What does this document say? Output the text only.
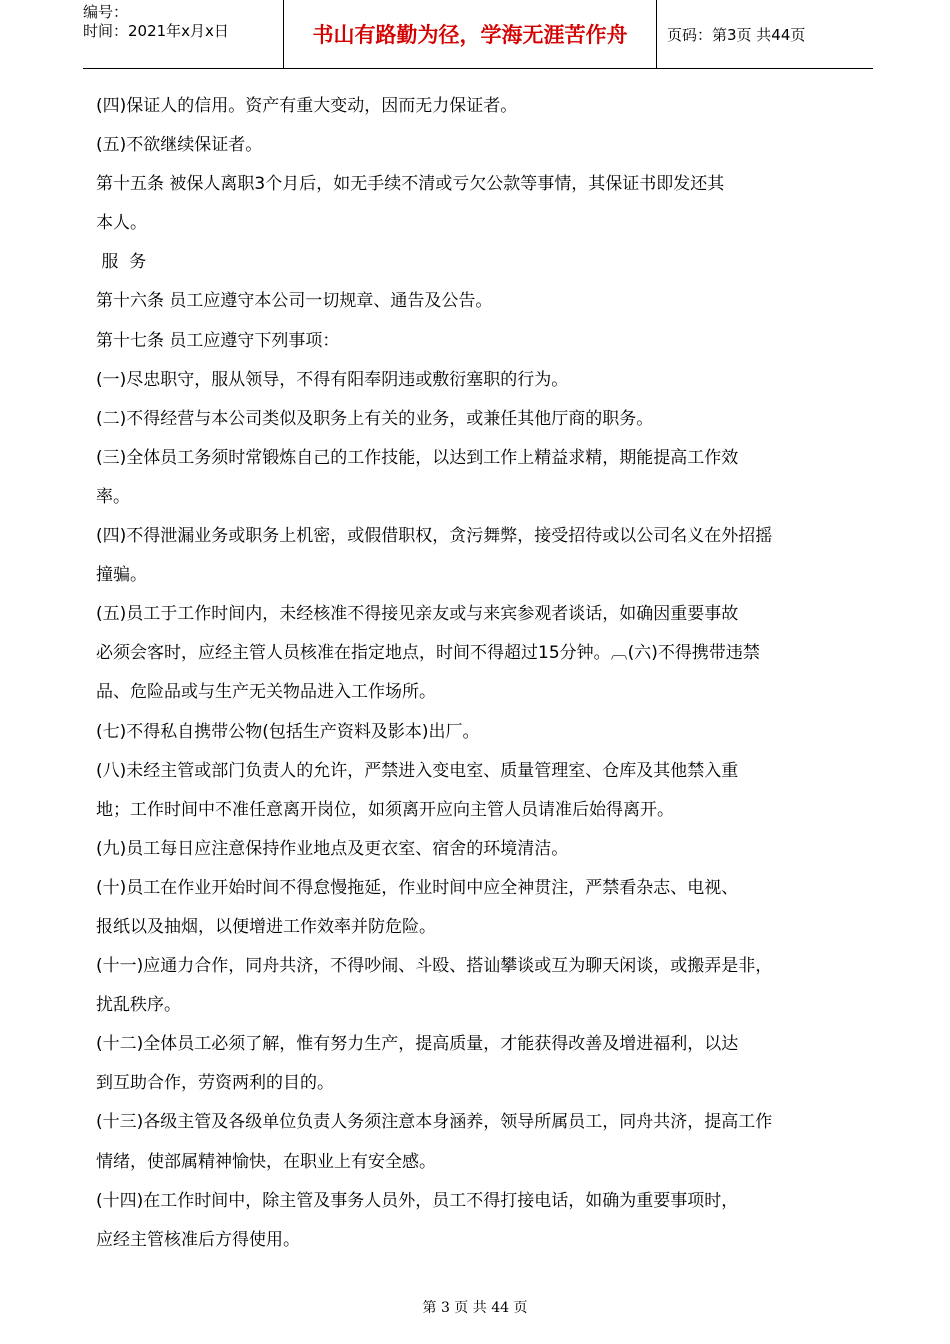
编号：
时间：2021年x月x日	书山有路勤为径，学海无涯苦作舟	页码：第3页 共44页

(四)保证人的信用。资产有重大变动，因而无力保证者。

(五)不欲继续保证者。

第十五条 被保人离职3个月后，如无手续不清或亏欠公款等事情，其保证书即发还其

本人。

服  务

第十六条 员工应遵守本公司一切规章、通告及公告。

第十七条 员工应遵守下列事项：

(一)尽忠职守，服从领导，不得有阳奉阴违或敷衍塞职的行为。

(二)不得经营与本公司类似及职务上有关的业务，或兼任其他厅商的职务。

(三)全体员工务须时常锻炼自己的工作技能，以达到工作上精益求精，期能提高工作效

率。

(四)不得泄漏业务或职务上机密，或假借职权，贪污舞弊，接受招待或以公司名义在外招摇

撞骗。

(五)员工于工作时间内，未经核准不得接见亲友或与来宾参观者谈话，如确因重要事故

必须会客时，应经主管人员核准在指定地点，时间不得超过15分钟。︹(六)不得携带违禁

品、危险品或与生产无关物品进入工作场所。

(七)不得私自携带公物(包括生产资料及影本)出厂。

(八)未经主管或部门负责人的允许，严禁进入变电室、质量管理室、仓库及其他禁入重

地；工作时间中不准任意离开岗位，如须离开应向主管人员请准后始得离开。

(九)员工每日应注意保持作业地点及更衣室、宿舍的环境清洁。

(十)员工在作业开始时间不得怠慢拖延，作业时间中应全神贯注，严禁看杂志、电视、

报纸以及抽烟，以便增进工作效率并防危险。

(十一)应通力合作，同舟共济，不得吵闹、斗殴、搭讪攀谈或互为聊天闲谈，或搬弄是非，

扰乱秩序。

(十二)全体员工必须了解，惟有努力生产，提高质量，才能获得改善及增进福利，以达

到互助合作，劳资两利的目的。

(十三)各级主管及各级单位负责人务须注意本身涵养，领导所属员工，同舟共济，提高工作

情绪，使部属精神愉快，在职业上有安全感。

(十四)在工作时间中，除主管及事务人员外，员工不得打接电话，如确为重要事项时，

应经主管核准后方得使用。

第 3 页 共 44 页
